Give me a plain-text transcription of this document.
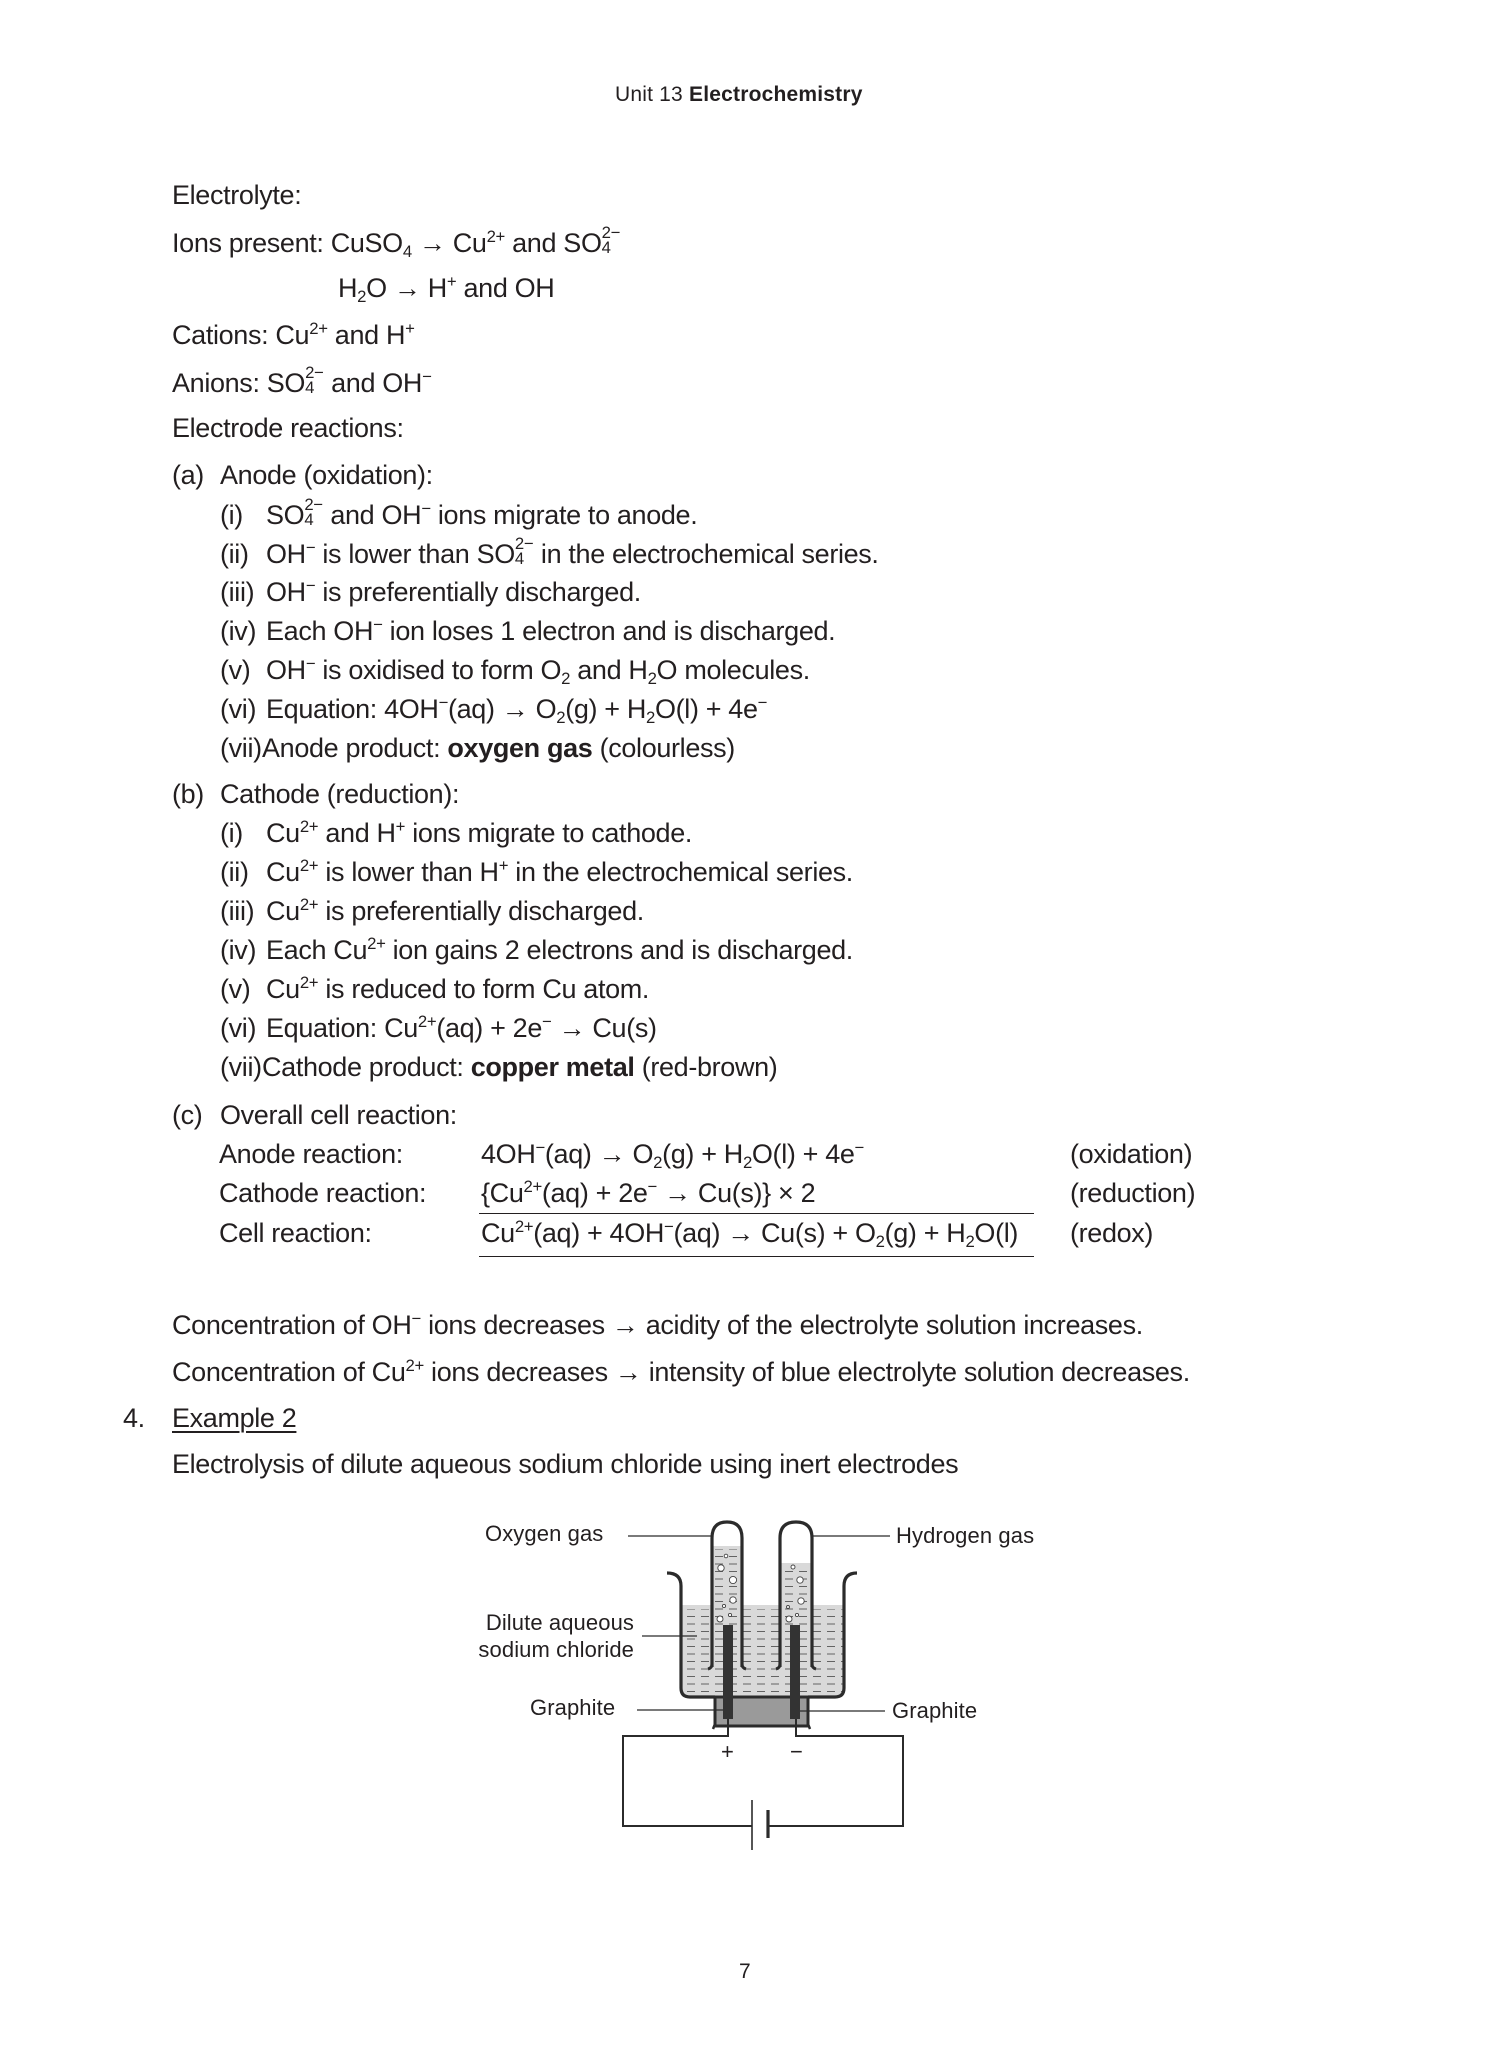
Unit 13 Electrochemistry
Electrolyte:
Ions present: CuSO$_4$ → $Cu^{2+}$ and SO 2−
4
$H_2O \to H^+$ and OH
Cations: $Cu^{2+}$ and H+
Anions: SO 2−
4 and OH−
Electrode reactions:
(a) Anode (oxidation):
(i) SO 2−
4 and OH− ions migrate to anode.
(ii) OH− is lower than SO 2−
4 in the electrochemical series.
(iii) OH− is preferentially discharged.
(iv) Each OH− ion loses 1 electron and is discharged.
(v) OH− is oxidised to form $O_2$ and $H_2O$ molecules.
(vi) Equation: $4OH^-(aq) \to O_2(g) + H_2O(l) + 4e^-$
(vii)Anode product: oxygen gas (colourless)
(b) Cathode (reduction):
(i) $Cu^{2+}$ and H+ ions migrate to cathode.
(ii) $Cu^{2+}$ is lower than H+ in the electrochemical series.
(iii) $Cu^{2+}$ is preferentially discharged.
(iv) Each $Cu^{2+}$ ion gains 2 electrons and is discharged.
(v) $Cu^{2+}$ is reduced to form Cu atom.
(vi) Equation: $Cu^{2+}(aq) + 2e^- \to Cu(s)$
(vii)Cathode product: copper metal (red-brown)
(c) Overall cell reaction:
Anode reaction:	$4OH^-(aq) \to O_2(g) + H_2O(l) + 4e^-$	(oxidation)
Cathode reaction: $\{Cu^{2+}(aq) + 2e^- \to Cu(s)\} \times 2$	(reduction)
Cell reaction:	$Cu^{2+}(aq) + 4OH^-(aq) \to Cu(s) + O_2(g) + H_2O(l)$ (redox)
Concentration of OH− ions decreases → acidity of the electrolyte solution increases.
Concentration of $Cu^{2+}$ ions decreases → intensity of blue electrolyte solution decreases.
4. Example 2
Electrolysis of dilute aqueous sodium chloride using inert electrodes
Oxygen gas	Hydrogen gas
Dilute aqueous
sodium chloride
Graphite	Graphite
+	−
7
